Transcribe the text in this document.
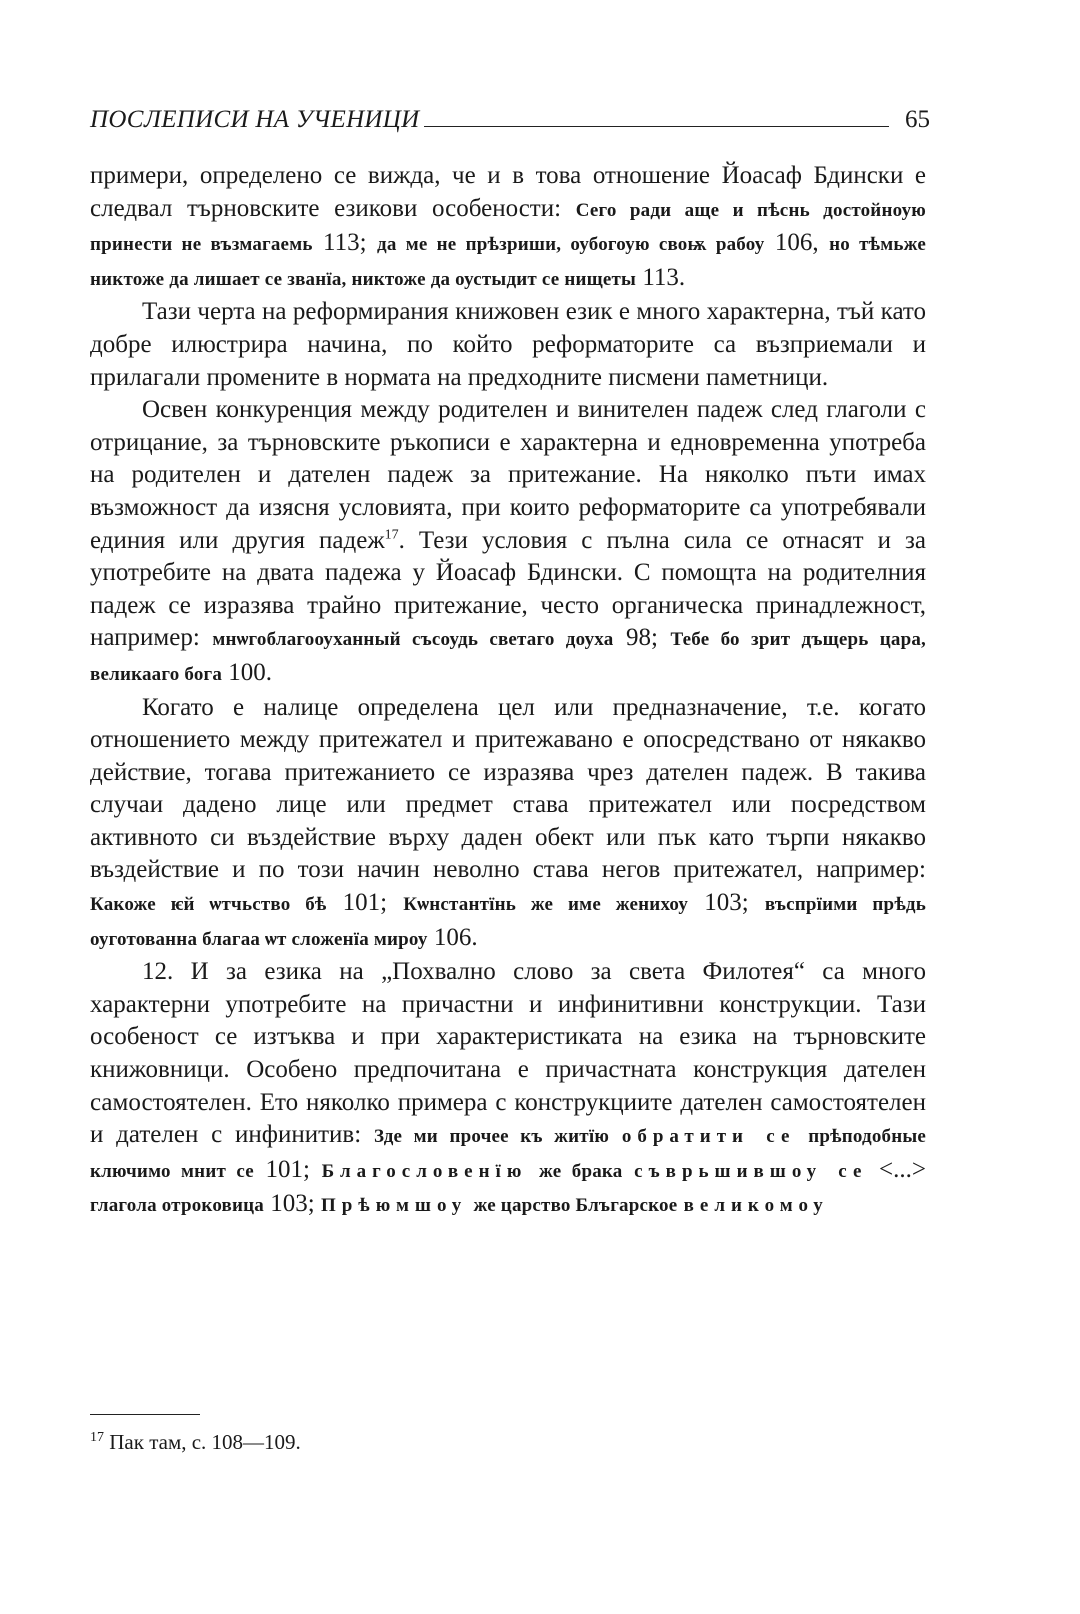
ПОСЛЕПИСИ НА УЧЕНИЦИ	65

примери, определено се вижда, че и в това отношение Йоасаф Бдински е следвал търновските езикови особености: Сего ради аще и пѣснь достойноую принести не възмагаемь 113; да ме не прѣзриши, оубогоую своѭ рабоу 106, но тѣмьже никтоже да лишает се званїа, никтоже да оустыдит се нищеты 113.

Тази черта на реформирания книжовен език е много характерна, тъй като добре илюстрира начина, по който реформаторите са възприемали и прилагали промените в нормата на предходните писмени паметници.

Освен конкуренция между родителен и винителен падеж след глаголи с отрицание, за търновските ръкописи е характерна и едновременна употреба на родителен и дателен падеж за притежание. На няколко пъти имах възможност да изясня условията, при които реформаторите са употребявали единия или другия падеж$^{17}$. Тези условия с пълна сила се отнасят и за употребите на двата падежа у Йоасаф Бдински. С помощта на родителния падеж се изразява трайно притежание, често органическа принадлежност, например: мнѡгоблагооуханный съсоудь светаго доуха 98; Тебе бо зрит дъщерь цара, великааго бога 100.

Когато е налице определена цел или предназначение, т.е. когато отношението между притежател и притежавано е опосредствано от някакво действие, тогава притежанието се изразява чрез дателен падеж. В такива случаи дадено лице или предмет става притежател или посредством активното си въздействие върху даден обект или пък като търпи някакво въздействие и по този начин неволно става негов притежател, например: Какоже ѥй ѡтчьство бѣ 101; Кѡнстантїнь же име женихоу 103; въспрїими прѣдь оуготованна благаа ѡт сложенїа мироу 106.

12. И за езика на „Похвално слово за света Филотея“ са много характерни употребите на причастни и инфинитивни конструкции. Тази особеност се изтъква и при характеристиката на езика на търновските книжовници. Особено предпочитана е причастната конструкция дателен самостоятелен. Ето няколко примера с конструкциите дателен самостоятелен и дателен с инфинитив: Зде ми прочее къ житїю обратити се прѣподобные ключимо мнит се 101; Благословенїю же брака съврьшившоу се <...> глагола отроковица 103; Прѣюмшоу же царство Блъгарское великомоу

$^{17}$ Пак там, с. 108—109.
